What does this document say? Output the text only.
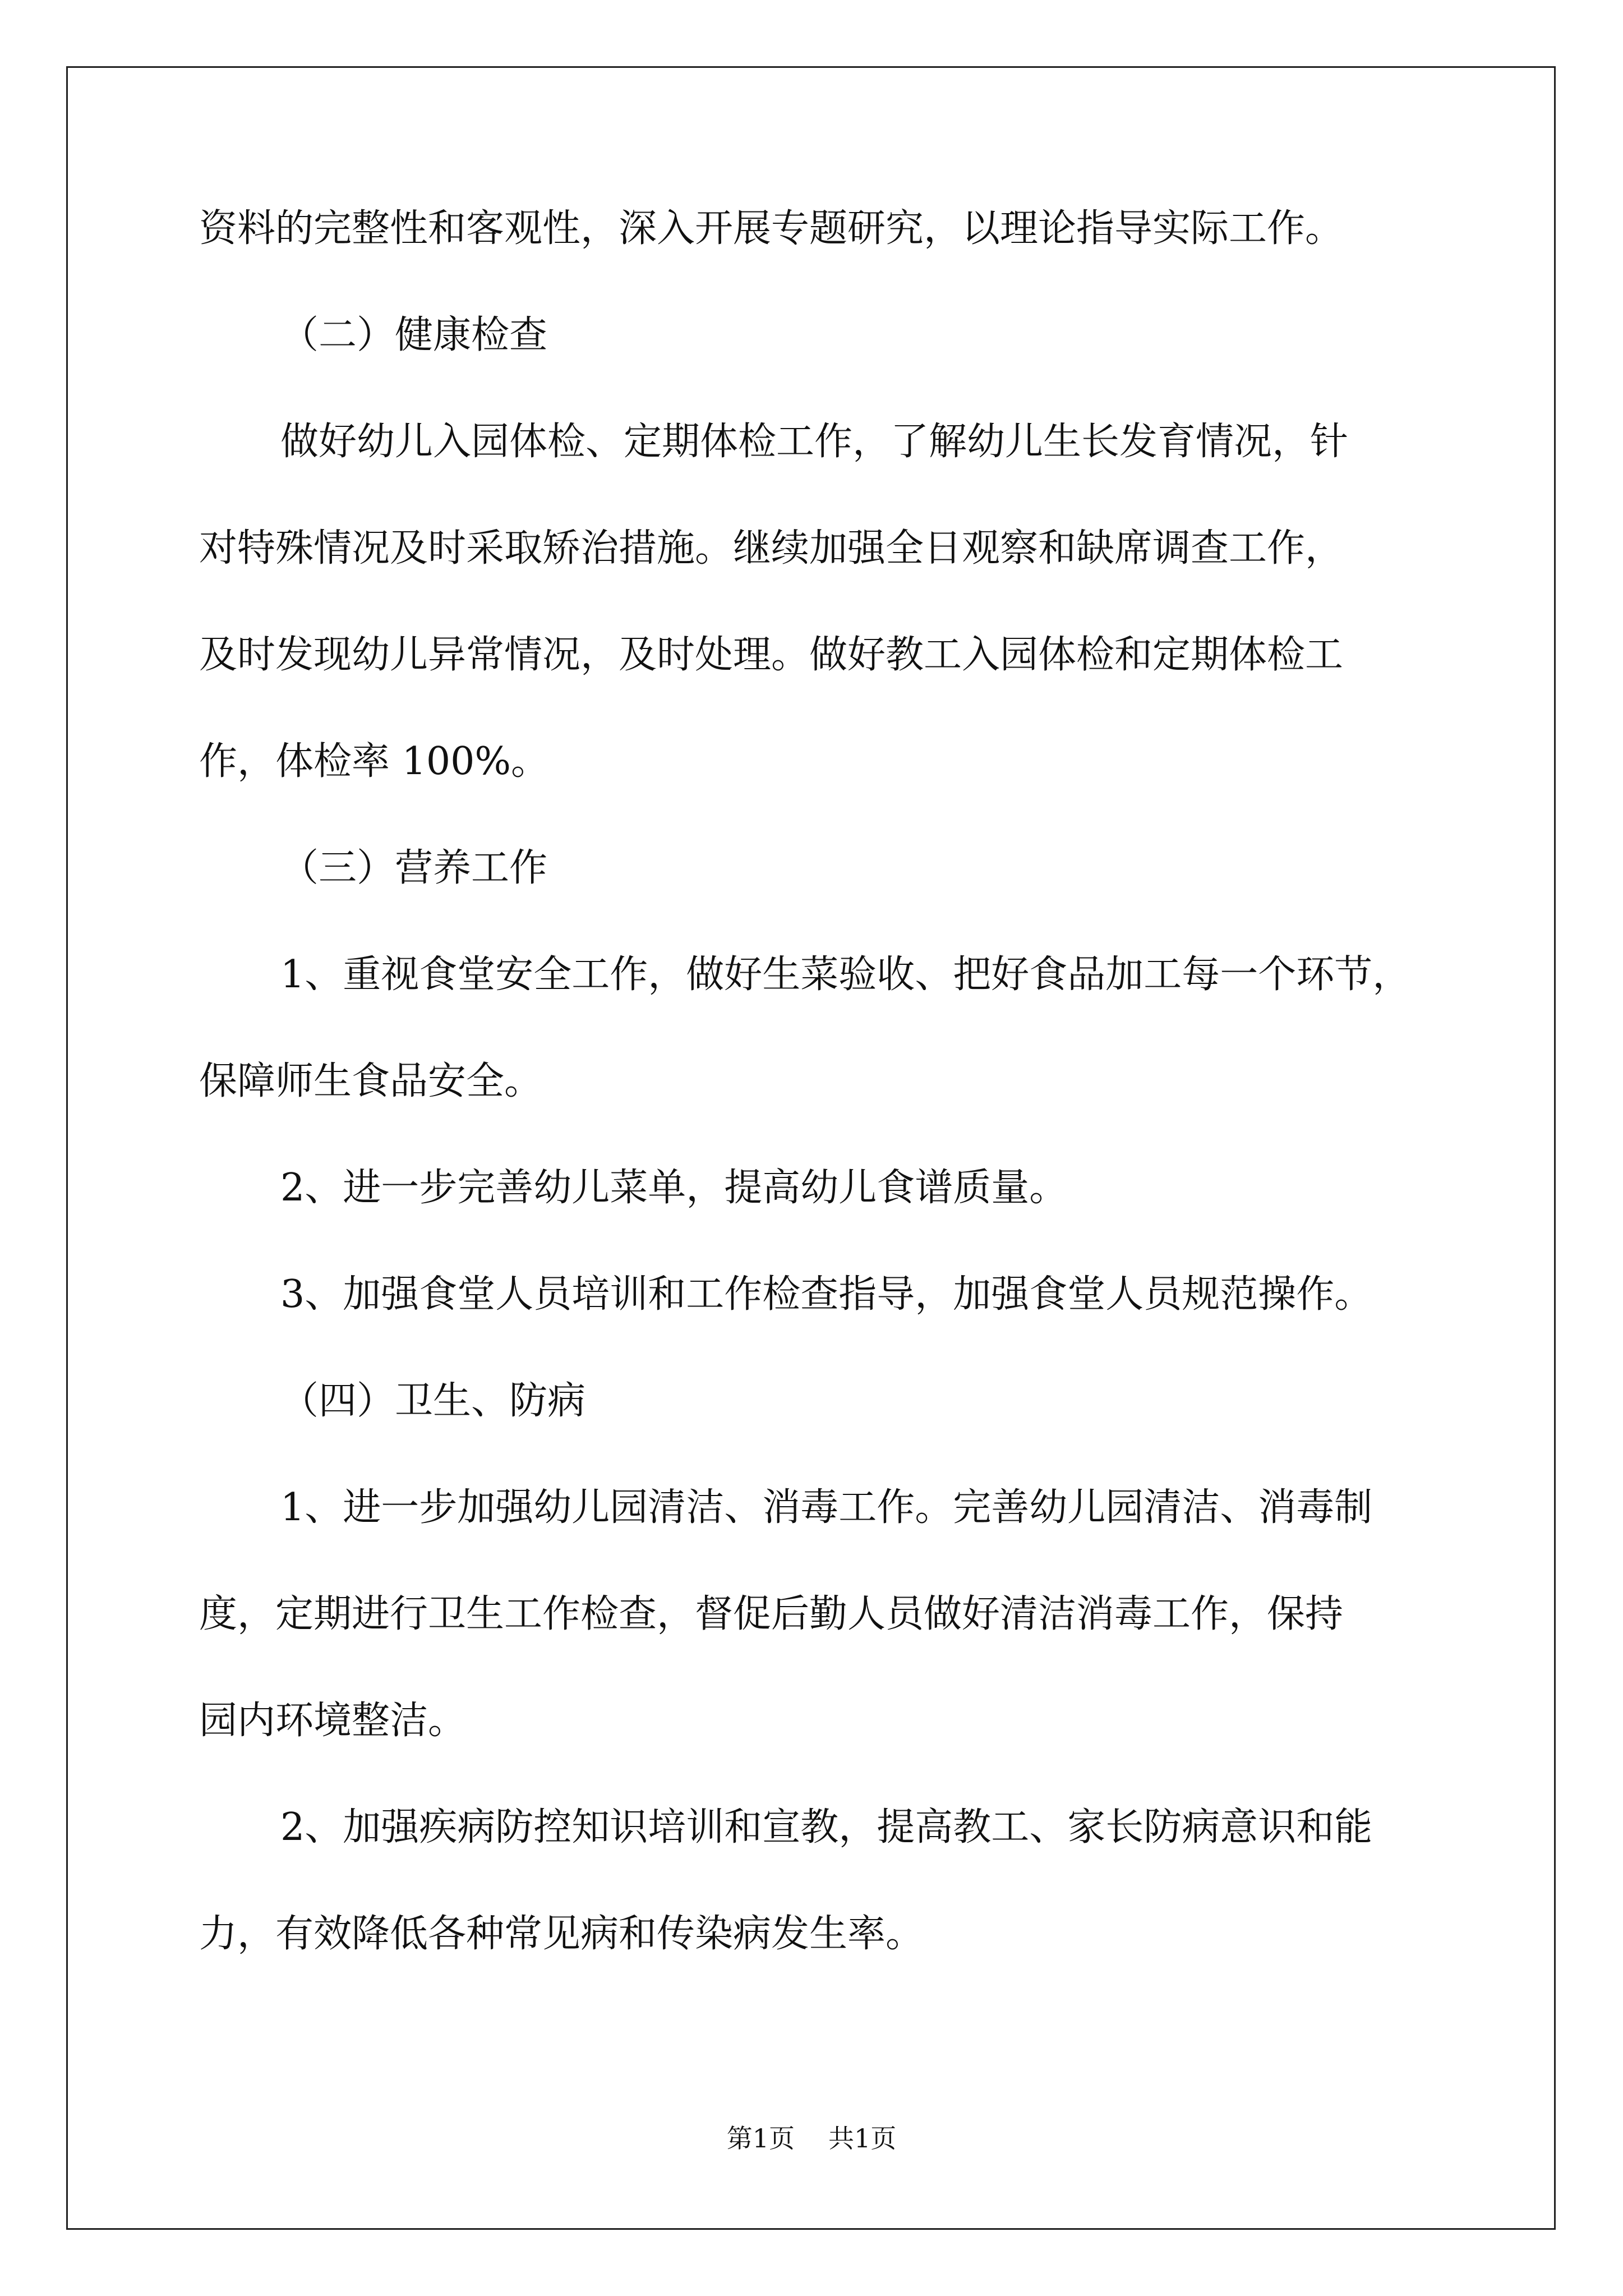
资料的完整性和客观性，深入开展专题研究，以理论指导实际工作。
（二）健康检查
做好幼儿入园体检、定期体检工作，了解幼儿生长发育情况，针
对特殊情况及时采取矫治措施。继续加强全日观察和缺席调查工作，
及时发现幼儿异常情况，及时处理。做好教工入园体检和定期体检工
作，体检率 100%。
（三）营养工作
1、重视食堂安全工作，做好生菜验收、把好食品加工每一个环节，
保障师生食品安全。
2、进一步完善幼儿菜单，提高幼儿食谱质量。
3、加强食堂人员培训和工作检查指导，加强食堂人员规范操作。
（四）卫生、防病
1、进一步加强幼儿园清洁、消毒工作。完善幼儿园清洁、消毒制
度，定期进行卫生工作检查，督促后勤人员做好清洁消毒工作，保持
园内环境整洁。
2、加强疾病防控知识培训和宣教，提高教工、家长防病意识和能
力，有效降低各种常见病和传染病发生率。
第1页 共1页
